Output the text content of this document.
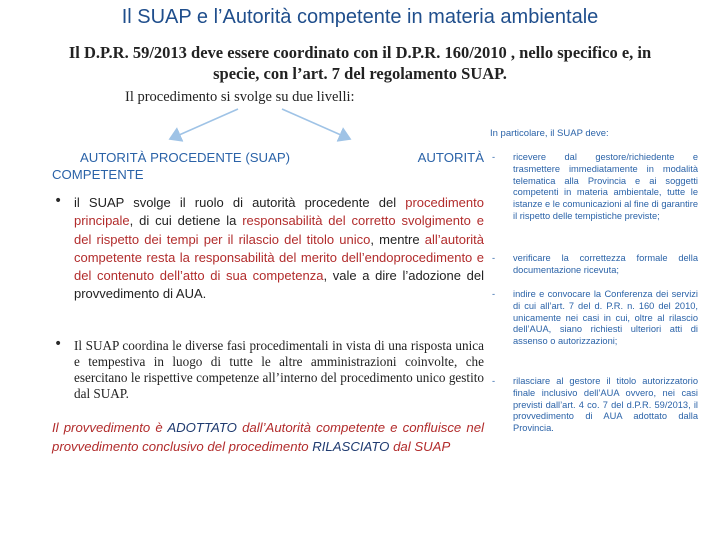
Il SUAP e l’Autorità competente in materia ambientale
Il D.P.R. 59/2013 deve essere coordinato con il D.P.R. 160/2010 , nello specifico e, in specie, con l’art. 7 del regolamento SUAP.
Il procedimento si svolge su due livelli:
AUTORITÀ PROCEDENTE (SUAP)	AUTORITÀ
COMPETENTE
• il SUAP svolge il ruolo di autorità procedente del procedimento principale, di cui detiene la responsabilità del corretto svolgimento e del rispetto dei tempi per il rilascio del titolo unico, mentre all’autorità competente resta la responsabilità del merito dell’endoprocedimento e del contenuto dell’atto di sua competenza, vale a dire l’adozione del provvedimento di AUA.
• Il SUAP coordina le diverse fasi procedimentali in vista di una risposta unica e tempestiva in luogo di tutte le altre amministrazioni coinvolte, che esercitano le rispettive competenze all’interno del procedimento unico gestito dal SUAP.
Il provvedimento è ADOTTATO dall’Autorità competente e confluisce nel provvedimento conclusivo del procedimento RILASCIATO dal SUAP
In particolare, il SUAP deve:
- ricevere dal gestore/richiedente e trasmettere immediatamente in modalità telematica alla Provincia e ai soggetti competenti in materia ambientale, tutte le istanze e le comunicazioni al fine di garantire il rispetto delle tempistiche previste;
- verificare la correttezza formale della documentazione ricevuta;
- indire e convocare la Conferenza dei servizi di cui all’art. 7 del d. P.R. n. 160 del 2010, unicamente nei casi in cui, oltre al rilascio dell’AUA, siano richiesti ulteriori atti di assenso o autorizzazioni;
- rilasciare al gestore il titolo autorizzatorio finale inclusivo dell’AUA ovvero, nei casi previsti dall’art. 4 co. 7 del d.P.R. 59/2013, il provvedimento di AUA adottato dalla Provincia.
